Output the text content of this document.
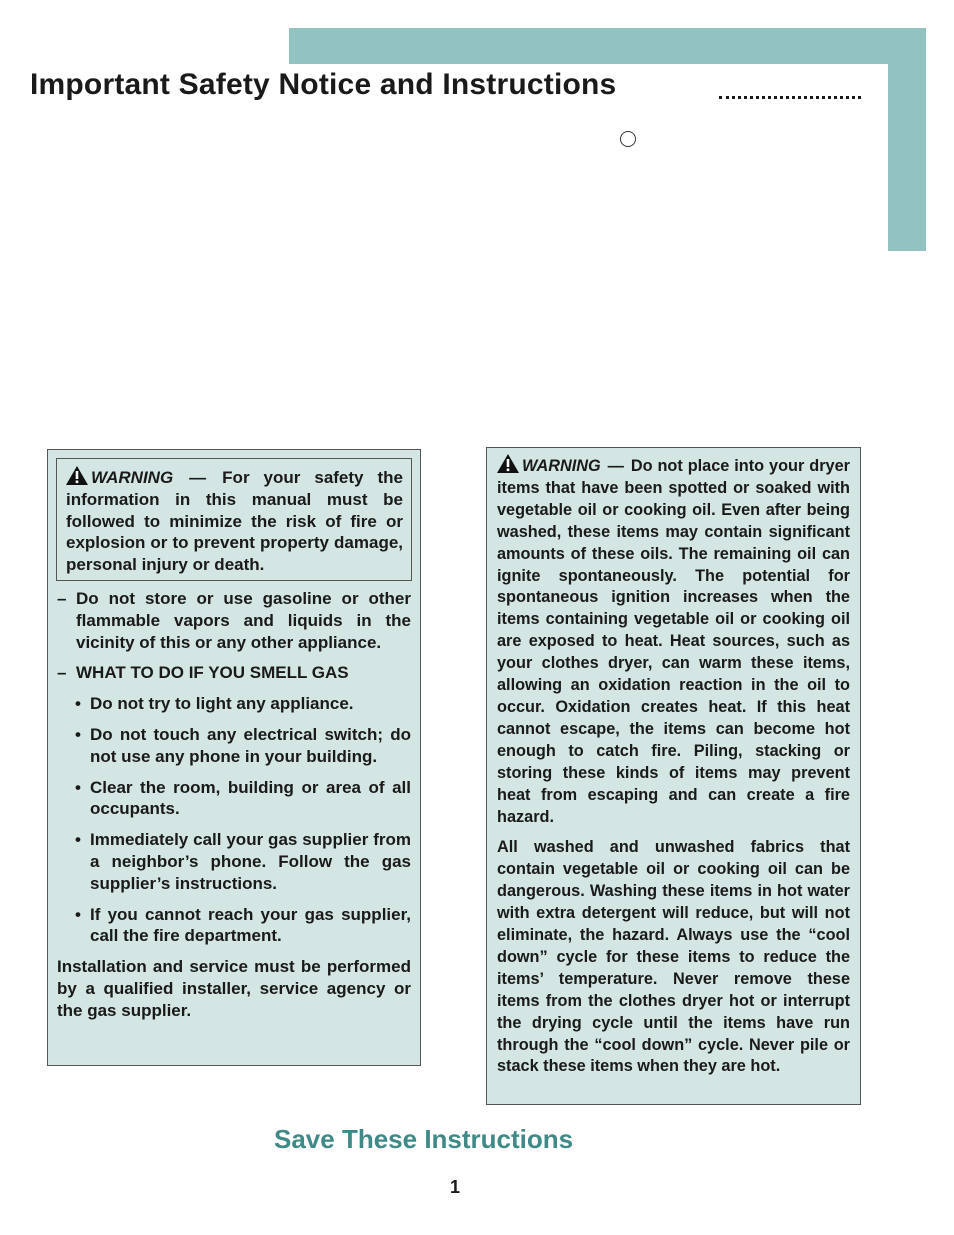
Important Safety Notice and Instructions

WARNING — For your safety the information in this manual must be followed to minimize the risk of fire or explosion or to prevent property damage, personal injury or death.

– Do not store or use gasoline or other flammable vapors and liquids in the vicinity of this or any other appliance.
– WHAT TO DO IF YOU SMELL GAS
• Do not try to light any appliance.
• Do not touch any electrical switch; do not use any phone in your building.
• Clear the room, building or area of all occupants.
• Immediately call your gas supplier from a neighbor’s phone. Follow the gas supplier’s instructions.
• If you cannot reach your gas supplier, call the fire department.

Installation and service must be performed by a qualified installer, service agency or the gas supplier.

WARNING — Do not place into your dryer items that have been spotted or soaked with vegetable oil or cooking oil. Even after being washed, these items may contain significant amounts of these oils. The remaining oil can ignite spontaneously. The potential for spontaneous ignition increases when the items containing vegetable oil or cooking oil are exposed to heat. Heat sources, such as your clothes dryer, can warm these items, allowing an oxidation reaction in the oil to occur. Oxidation creates heat. If this heat cannot escape, the items can become hot enough to catch fire. Piling, stacking or storing these kinds of items may prevent heat from escaping and can create a fire hazard.

All washed and unwashed fabrics that contain vegetable oil or cooking oil can be dangerous. Washing these items in hot water with extra detergent will reduce, but will not eliminate, the hazard. Always use the “cool down” cycle for these items to reduce the items’ temperature. Never remove these items from the clothes dryer hot or interrupt the drying cycle until the items have run through the “cool down” cycle. Never pile or stack these items when they are hot.

Save These Instructions
1
